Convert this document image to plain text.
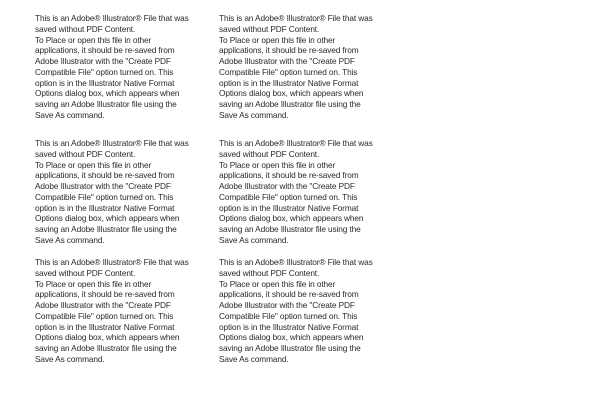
This is an Adobe® Illustrator® File that was
saved without PDF Content.
To Place or open this file in other
applications, it should be re-saved from
Adobe Illustrator with the "Create PDF
Compatible File" option turned on. This
option is in the Illustrator Native Format
Options dialog box, which appears when
saving an Adobe Illustrator file using the
Save As command.
This is an Adobe® Illustrator® File that was
saved without PDF Content.
To Place or open this file in other
applications, it should be re-saved from
Adobe Illustrator with the "Create PDF
Compatible File" option turned on. This
option is in the Illustrator Native Format
Options dialog box, which appears when
saving an Adobe Illustrator file using the
Save As command.
This is an Adobe® Illustrator® File that was
saved without PDF Content.
To Place or open this file in other
applications, it should be re-saved from
Adobe Illustrator with the "Create PDF
Compatible File" option turned on. This
option is in the Illustrator Native Format
Options dialog box, which appears when
saving an Adobe Illustrator file using the
Save As command.
This is an Adobe® Illustrator® File that was
saved without PDF Content.
To Place or open this file in other
applications, it should be re-saved from
Adobe Illustrator with the "Create PDF
Compatible File" option turned on. This
option is in the Illustrator Native Format
Options dialog box, which appears when
saving an Adobe Illustrator file using the
Save As command.
This is an Adobe® Illustrator® File that was
saved without PDF Content.
To Place or open this file in other
applications, it should be re-saved from
Adobe Illustrator with the "Create PDF
Compatible File" option turned on. This
option is in the Illustrator Native Format
Options dialog box, which appears when
saving an Adobe Illustrator file using the
Save As command.
This is an Adobe® Illustrator® File that was
saved without PDF Content.
To Place or open this file in other
applications, it should be re-saved from
Adobe Illustrator with the "Create PDF
Compatible File" option turned on. This
option is in the Illustrator Native Format
Options dialog box, which appears when
saving an Adobe Illustrator file using the
Save As command.
